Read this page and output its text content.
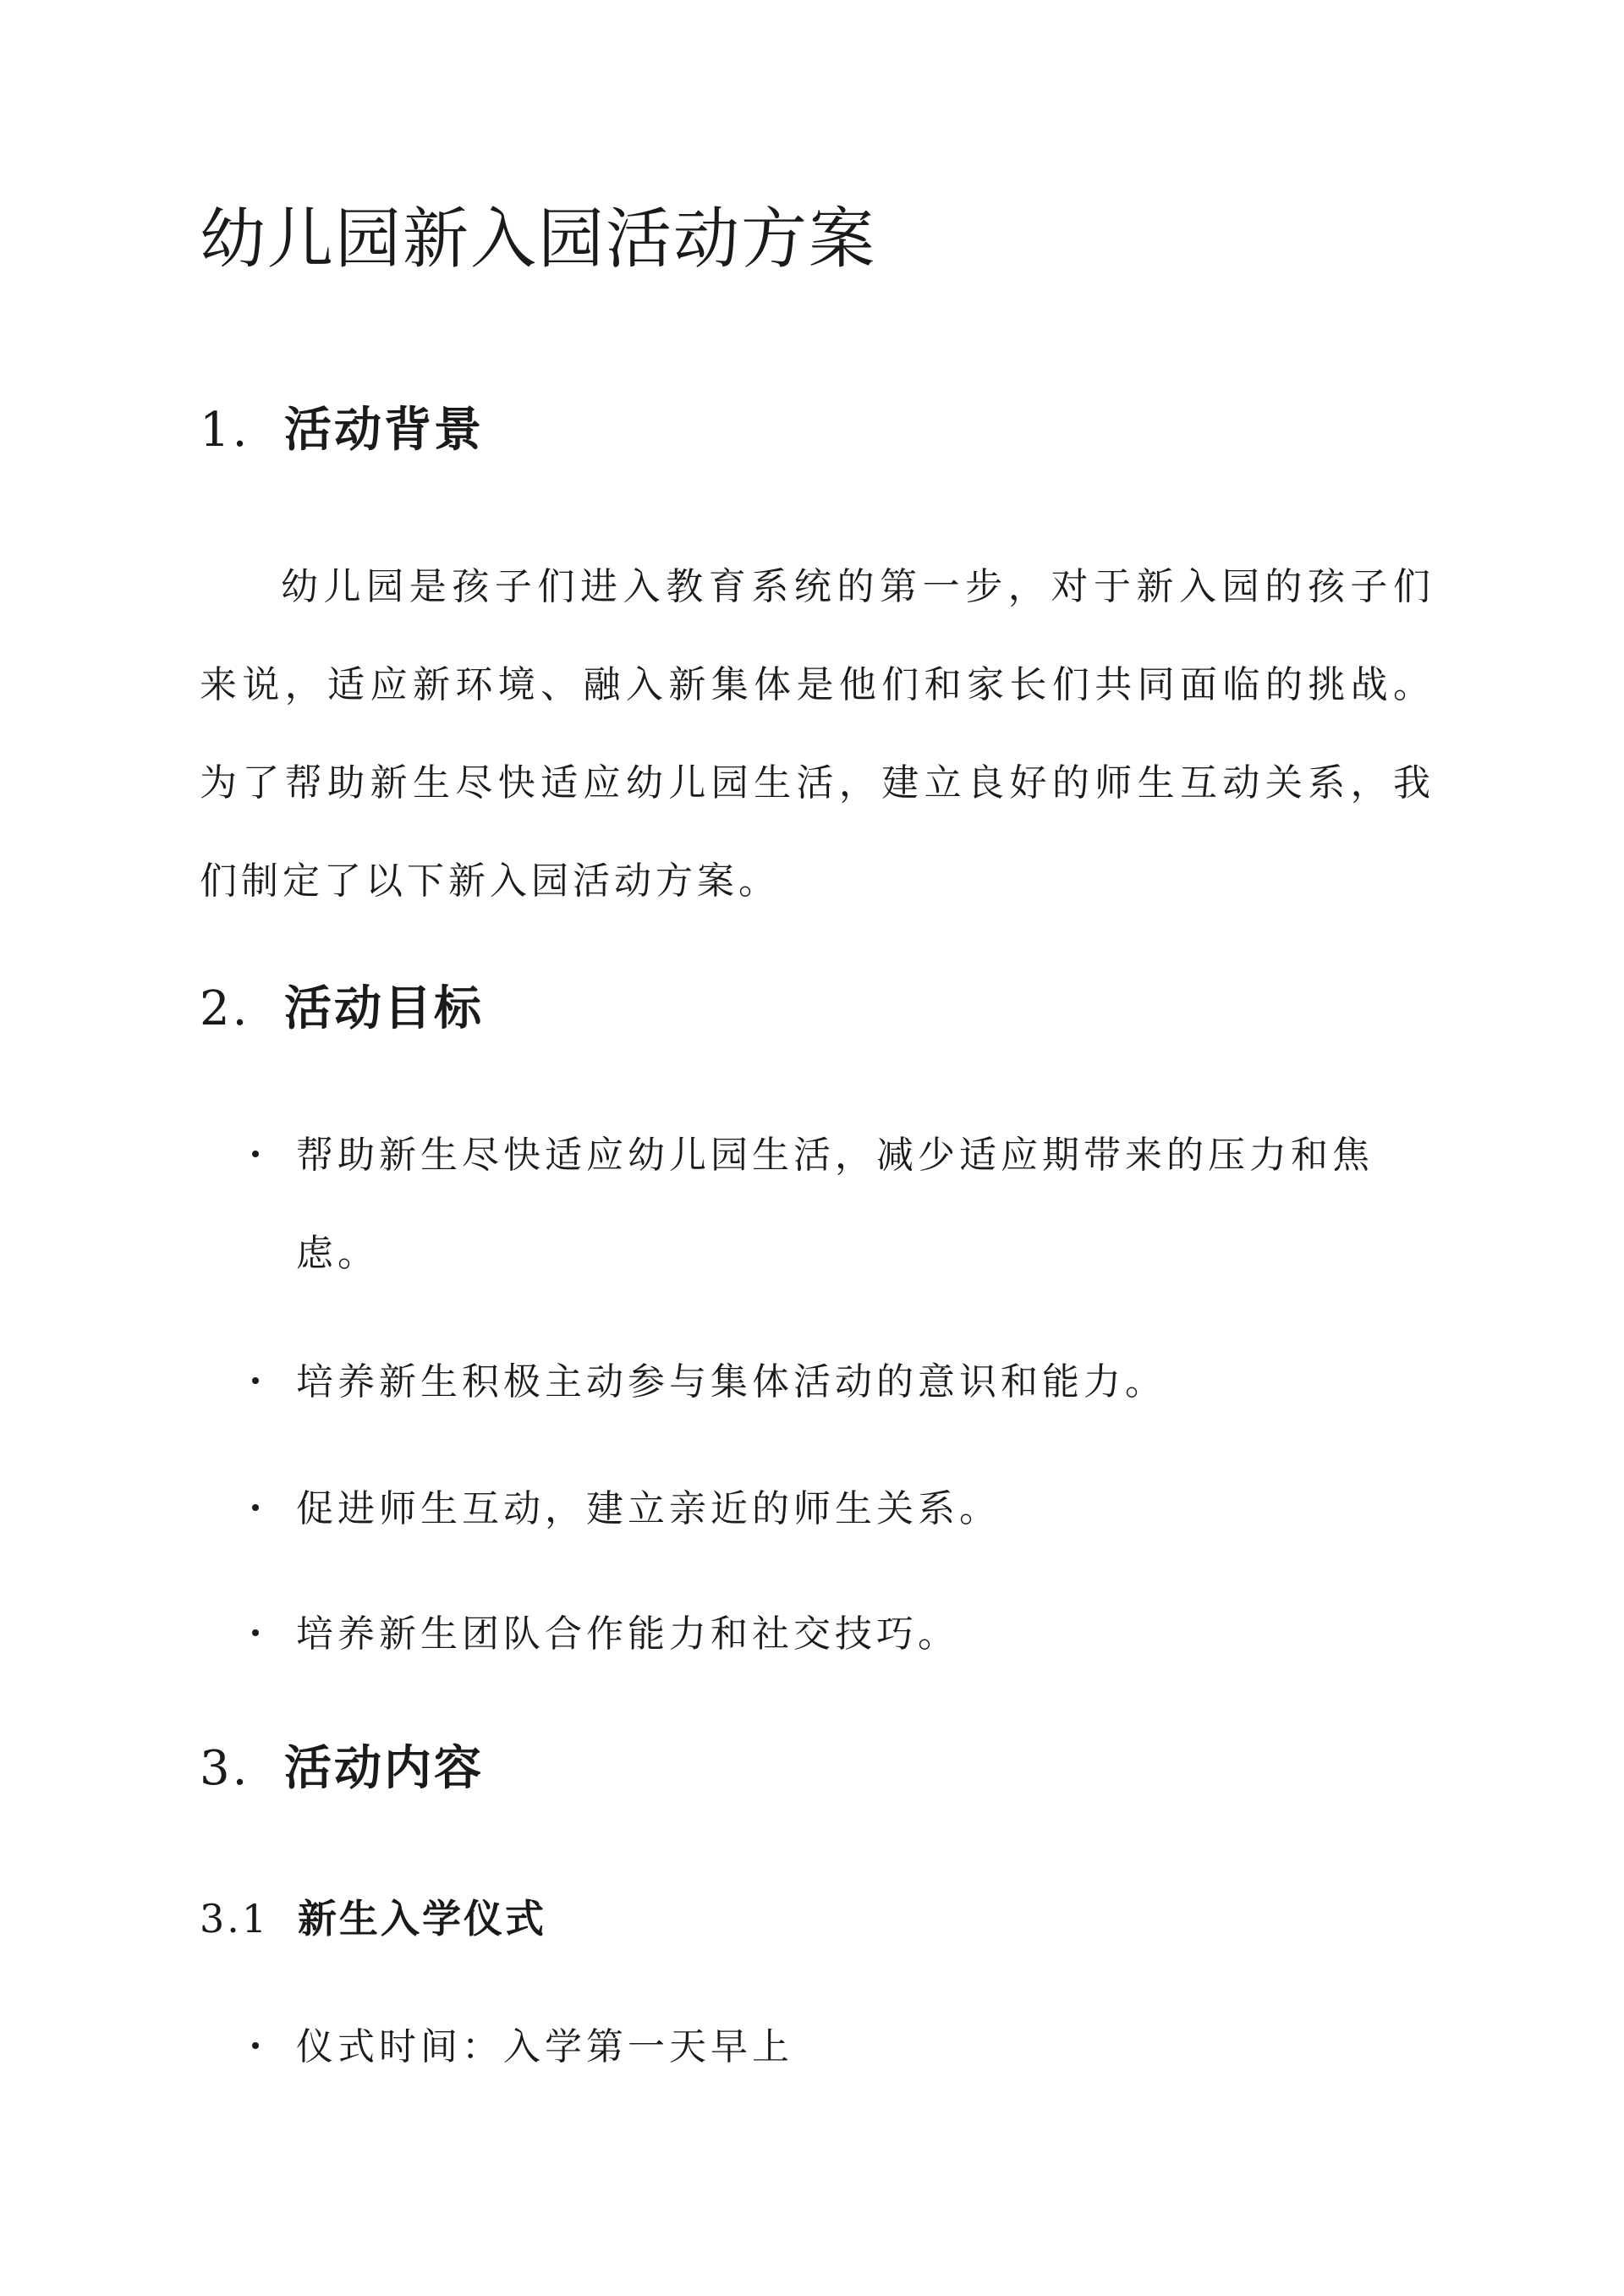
幼儿园新入园活动方案
1. 活动背景

幼儿园是孩子们进入教育系统的第一步，对于新入园的孩子们来说，适应新环境、融入新集体是他们和家长们共同面临的挑战。为了帮助新生尽快适应幼儿园生活，建立良好的师生互动关系，我们制定了以下新入园活动方案。

2. 活动目标
帮助新生尽快适应幼儿园生活，减少适应期带来的压力和焦虑。
培养新生积极主动参与集体活动的意识和能力。
促进师生互动，建立亲近的师生关系。
培养新生团队合作能力和社交技巧。
3. 活动内容
3.1 新生入学仪式
仪式时间：入学第一天早上
